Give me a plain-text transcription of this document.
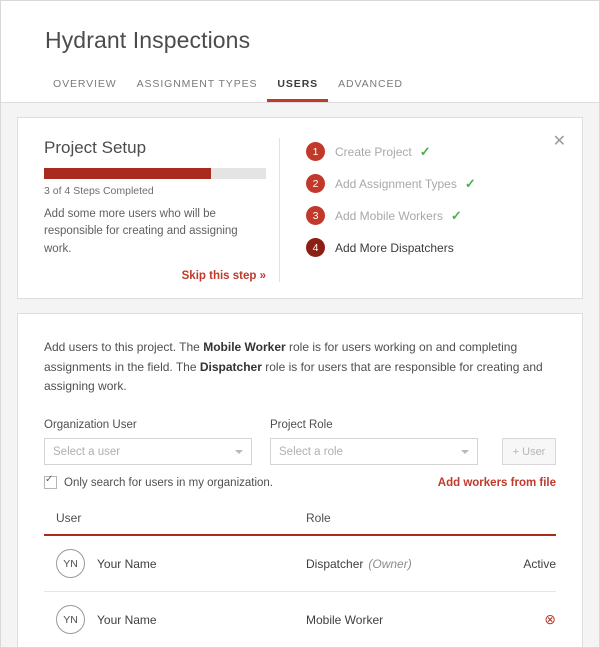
Hydrant Inspections
OVERVIEW	ASSIGNMENT TYPES	USERS	ADVANCED
Project Setup
3 of 4 Steps Completed
Add some more users who will be responsible for creating and assigning work.
Skip this step »
1	Create Project ✓
2	Add Assignment Types ✓
3	Add Mobile Workers ✓
4	Add More Dispatchers
✕

Add users to this project. The Mobile Worker role is for users working on and completing assignments in the field. The Dispatcher role is for users that are responsible for creating and assigning work.

Organization User
Select a user
Project Role
Select a role	+ User
✓
Only search for users in my organization.	Add workers from file
User	Role	

YN Your Name	Dispatcher (Owner)	Active

YN Your Name	Mobile Worker	⊗
